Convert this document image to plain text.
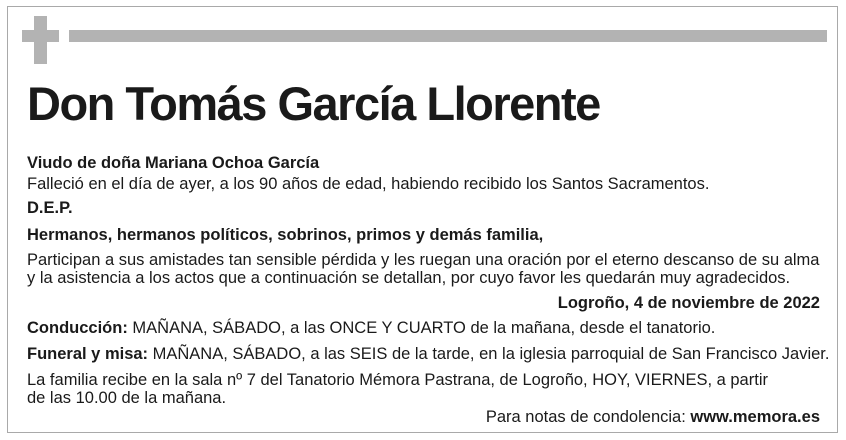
Don Tomás García Llorente
Viudo de doña Mariana Ochoa García
Falleció en el día de ayer, a los 90 años de edad, habiendo recibido los Santos Sacramentos.
D.E.P.
Hermanos, hermanos políticos, sobrinos, primos y demás familia,
Participan a sus amistades tan sensible pérdida y les ruegan una oración por el eterno descanso de su alma
y la asistencia a los actos que a continuación se detallan, por cuyo favor les quedarán muy agradecidos.
Logroño, 4 de noviembre de 2022
Conducción: MAÑANA, SÁBADO, a las ONCE Y CUARTO de la mañana, desde el tanatorio.
Funeral y misa: MAÑANA, SÁBADO, a las SEIS de la tarde, en la iglesia parroquial de San Francisco Javier.
La familia recibe en la sala nº 7 del Tanatorio Mémora Pastrana, de Logroño, HOY, VIERNES, a partir
de las 10.00 de la mañana.
Para notas de condolencia: www.memora.es
